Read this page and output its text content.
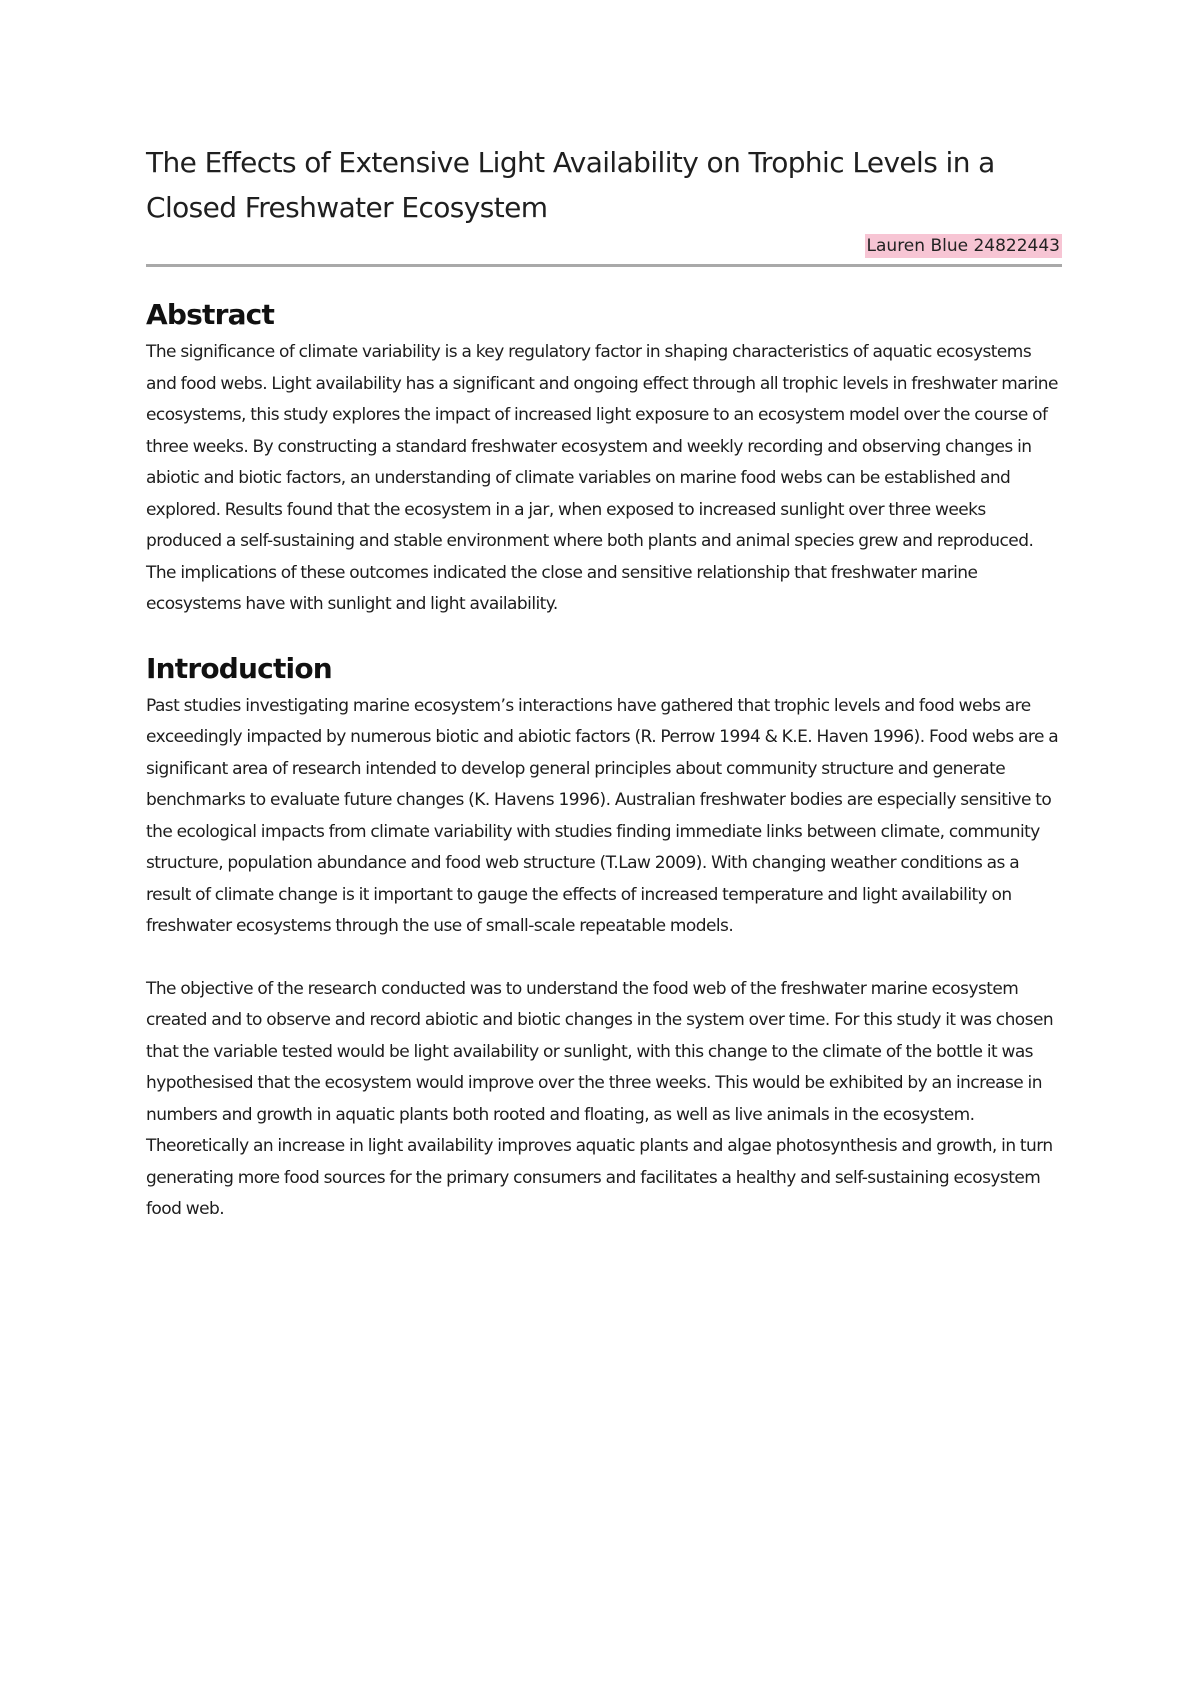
The Effects of Extensive Light Availability on Trophic Levels in a
Closed Freshwater Ecosystem
Lauren Blue 24822443
Abstract

The significance of climate variability is a key regulatory factor in shaping characteristics of aquatic ecosystems and food webs. Light availability has a significant and ongoing effect through all trophic levels in freshwater marine ecosystems, this study explores the impact of increased light exposure to an ecosystem model over the course of three weeks. By constructing a standard freshwater ecosystem and weekly recording and observing changes in abiotic and biotic factors, an understanding of climate variables on marine food webs can be established and explored. Results found that the ecosystem in a jar, when exposed to increased sunlight over three weeks produced a self-sustaining and stable environment where both plants and animal species grew and reproduced. The implications of these outcomes indicated the close and sensitive relationship that freshwater marine ecosystems have with sunlight and light availability.

Introduction

Past studies investigating marine ecosystem’s interactions have gathered that trophic levels and food webs are exceedingly impacted by numerous biotic and abiotic factors (R. Perrow 1994 & K.E. Haven 1996). Food webs are a significant area of research intended to develop general principles about community structure and generate benchmarks to evaluate future changes (K. Havens 1996). Australian freshwater bodies are especially sensitive to the ecological impacts from climate variability with studies finding immediate links between climate, community structure, population abundance and food web structure (T.Law 2009). With changing weather conditions as a result of climate change is it important to gauge the effects of increased temperature and light availability on freshwater ecosystems through the use of small-scale repeatable models.

The objective of the research conducted was to understand the food web of the freshwater marine ecosystem created and to observe and record abiotic and biotic changes in the system over time. For this study it was chosen that the variable tested would be light availability or sunlight, with this change to the climate of the bottle it was hypothesised that the ecosystem would improve over the three weeks. This would be exhibited by an increase in numbers and growth in aquatic plants both rooted and floating, as well as live animals in the ecosystem. Theoretically an increase in light availability improves aquatic plants and algae photosynthesis and growth, in turn generating more food sources for the primary consumers and facilitates a healthy and self-sustaining ecosystem food web.
